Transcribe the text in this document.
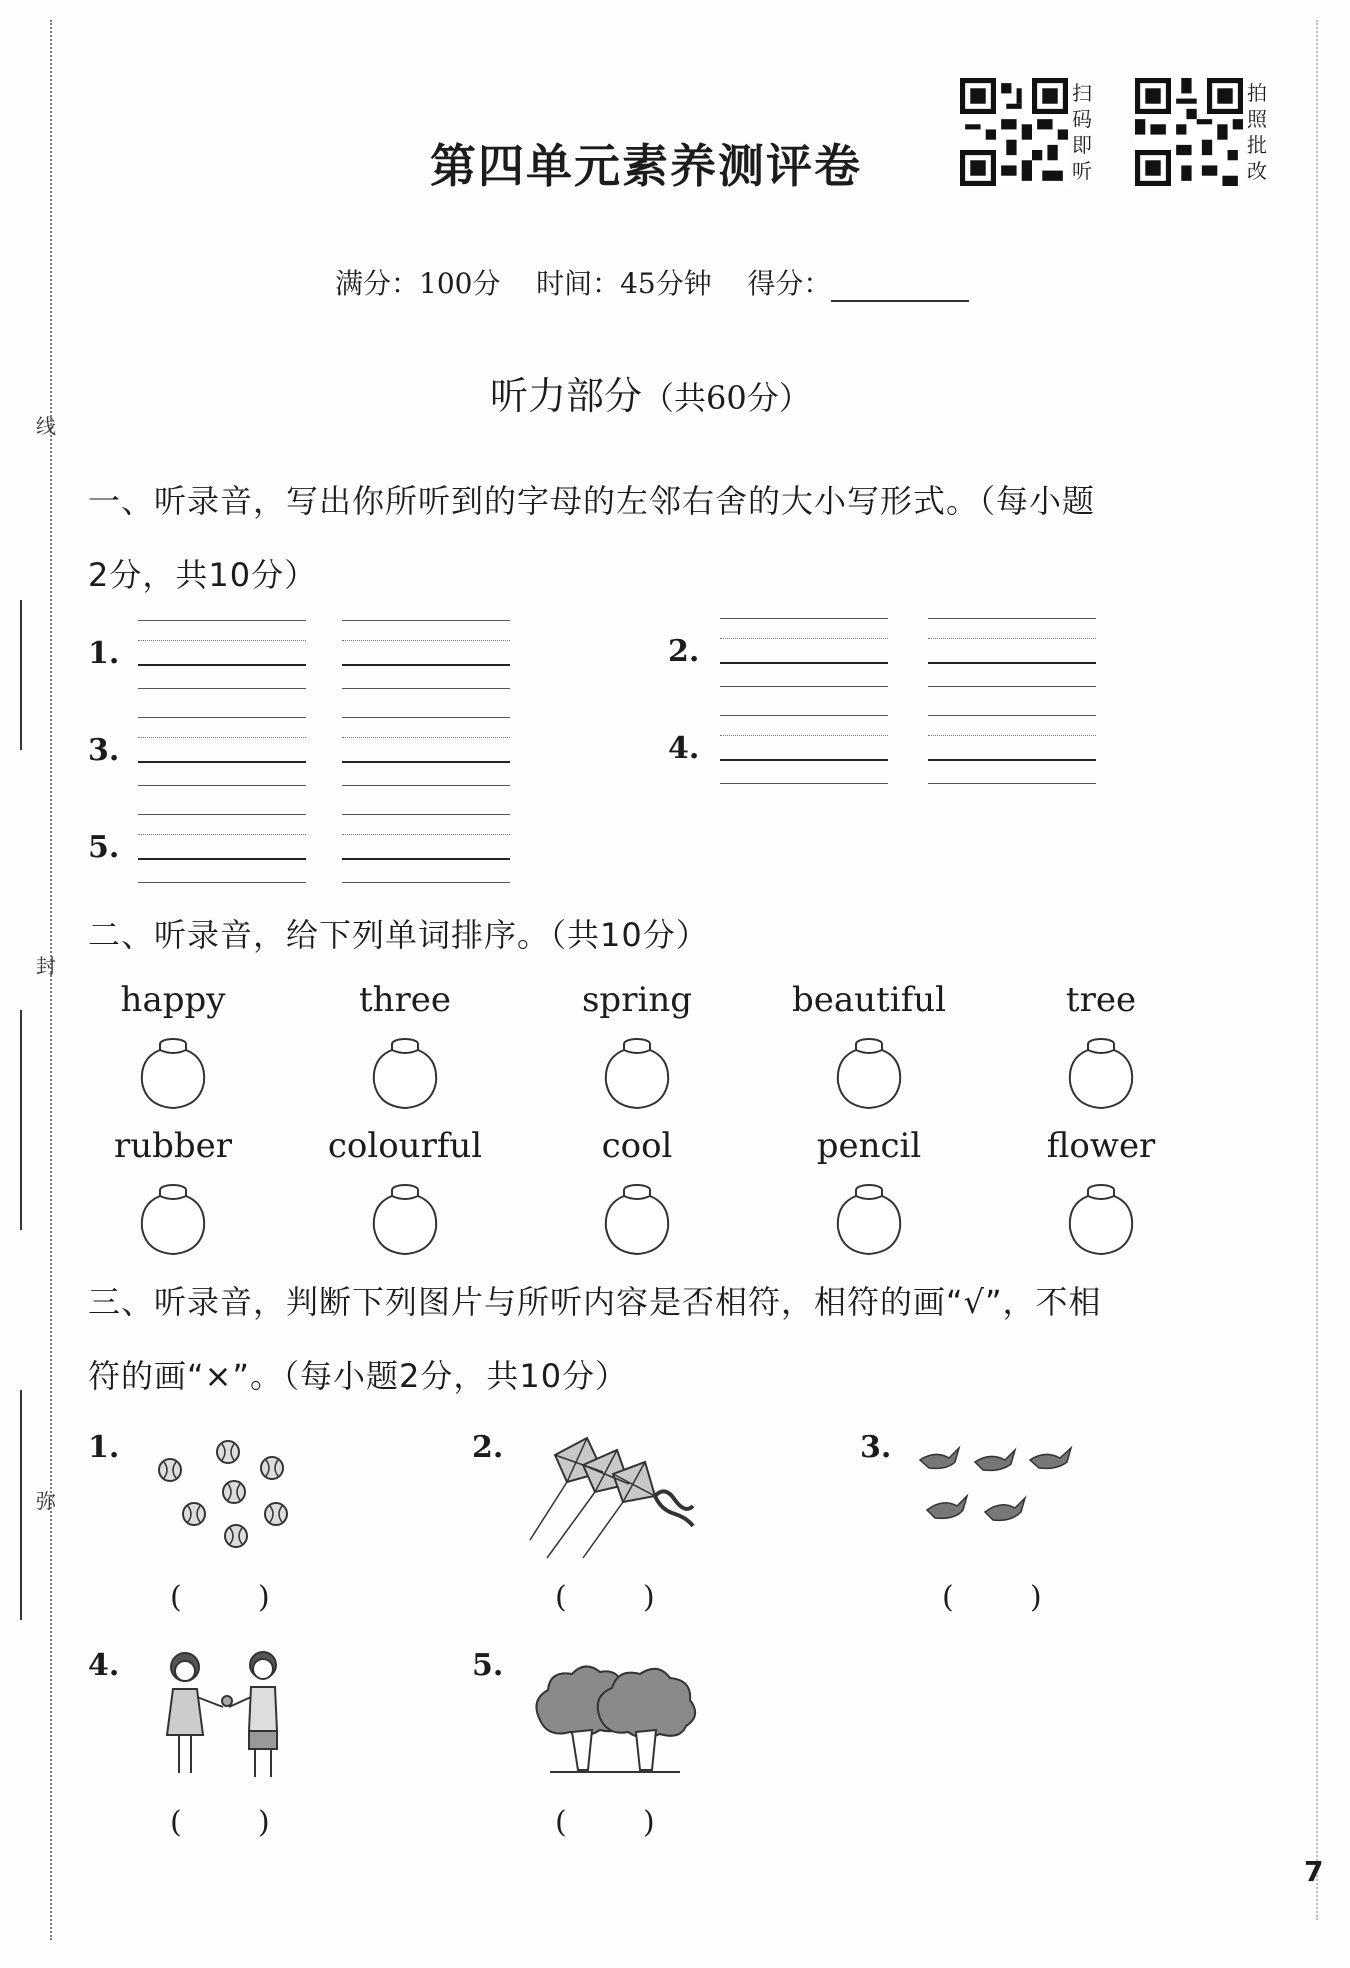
线
封
弥
第四单元素养测评卷
扫码即听
拍照批改
满分：100分 时间：45分钟 得分：
听力部分（共60分）
一、听录音，写出你所听到的字母的左邻右舍的大小写形式。（每小题
2分，共10分）
1.	2.
3.	4.
5.
二、听录音，给下列单词排序。（共10分）
happy	three	spring	beautiful	tree
rubber	colourful	cool	pencil	flower
三、听录音，判断下列图片与所听内容是否相符，相符的画“√”，不相
符的画“×”。（每小题2分，共10分）
1.	2.	3.
4.	5.
(        )	(        )	(        )
(        )	(        )
7
